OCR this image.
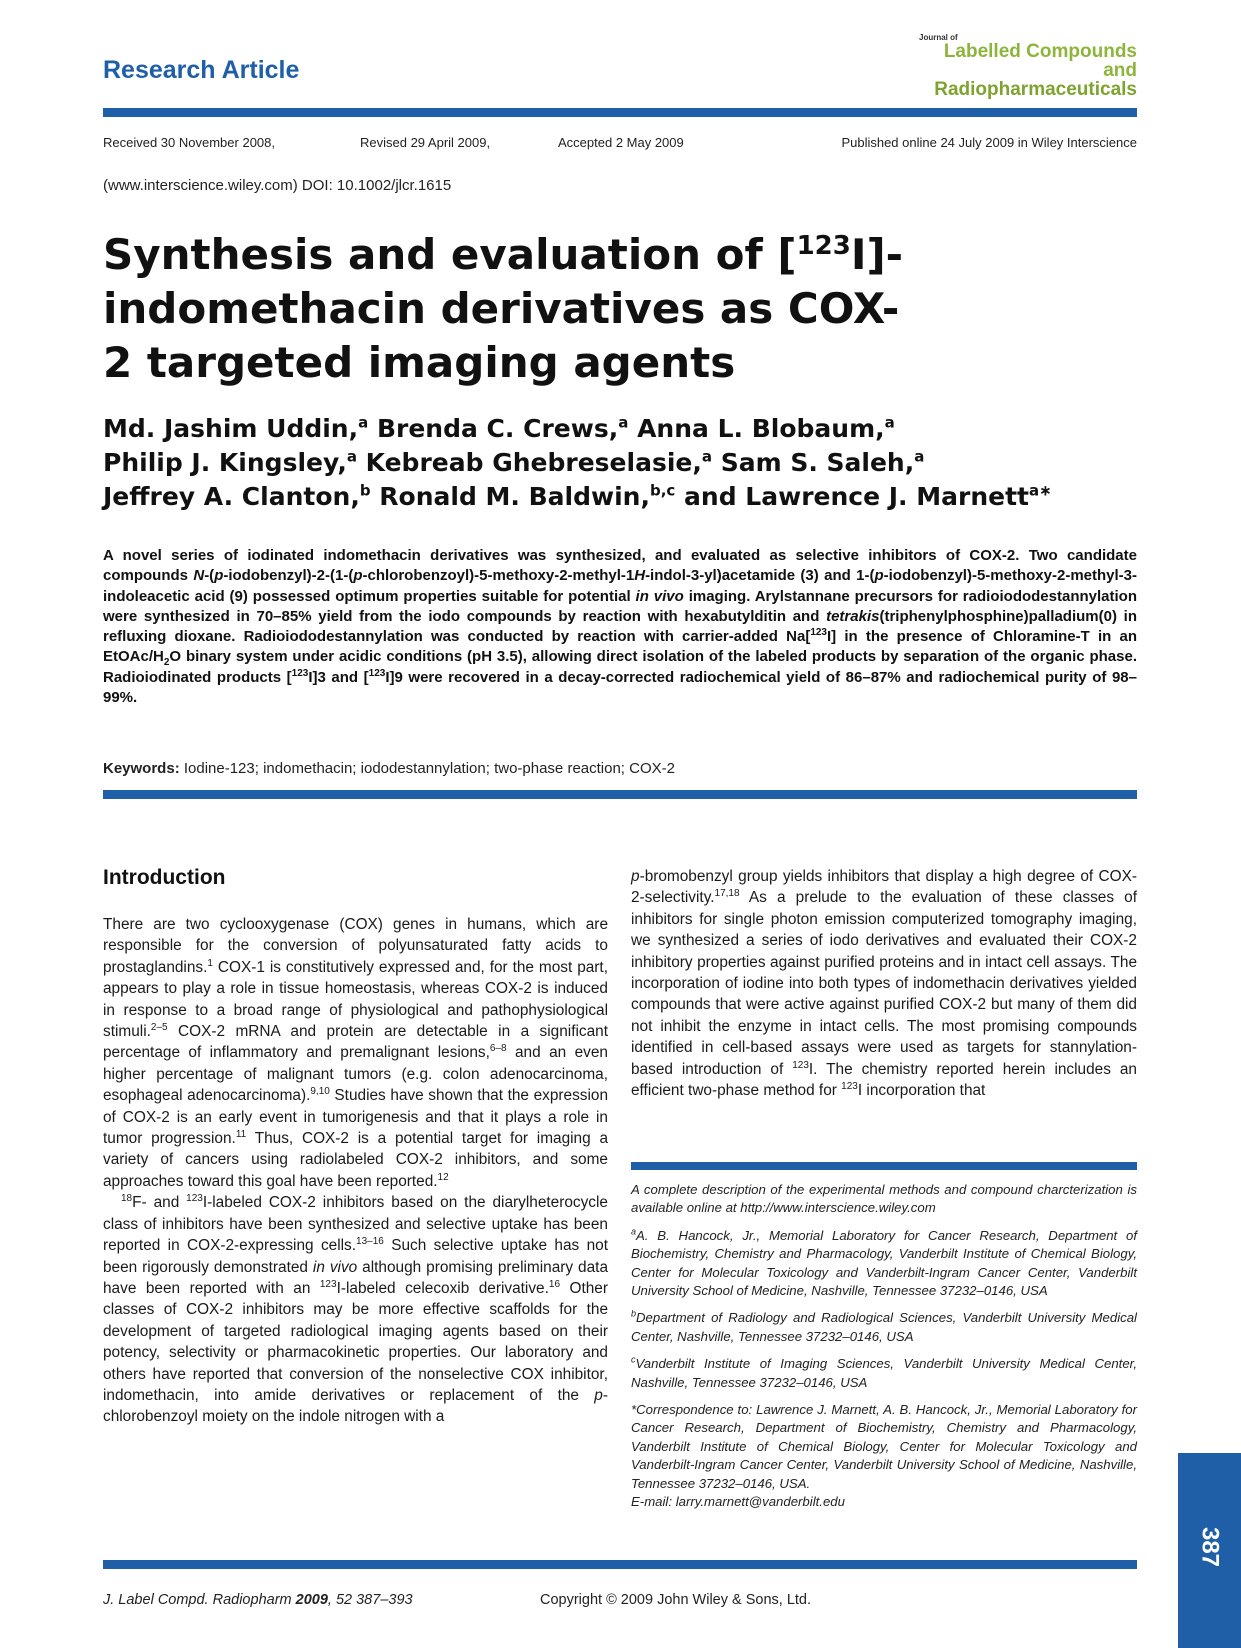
Research Article
Journal of
Labelled Compounds and
Radiopharmaceuticals
Received 30 November 2008,	Revised 29 April 2009,	Accepted 2 May 2009	Published online 24 July 2009 in Wiley Interscience
(www.interscience.wiley.com) DOI: 10.1002/jlcr.1615
Synthesis and evaluation of [$^{123}$I]-indomethacin derivatives as COX-2 targeted imaging agents
Md. Jashim Uddin,$^a$ Brenda C. Crews,$^a$ Anna L. Blobaum,$^a$
Philip J. Kingsley,$^a$ Kebreab Ghebreselasie,$^a$ Sam S. Saleh,$^a$
Jeffrey A. Clanton,$^b$ Ronald M. Baldwin,$^{b,c}$ and Lawrence J. Marnett$^{a∗}$
A novel series of iodinated indomethacin derivatives was synthesized, and evaluated as selective inhibitors of COX-2. Two candidate compounds N-(p-iodobenzyl)-2-(1-(p-chlorobenzoyl)-5-methoxy-2-methyl-1H-indol-3-yl)acetamide (3) and 1-(p-iodobenzyl)-5-methoxy-2-methyl-3-indoleacetic acid (9) possessed optimum properties suitable for potential in vivo imaging. Arylstannane precursors for radioiododestannylation were synthesized in 70–85% yield from the iodo compounds by reaction with hexabutylditin and tetrakis(triphenylphosphine)palladium(0) in refluxing dioxane. Radioiododestannylation was conducted by reaction with carrier-added Na[$^{123}$I] in the presence of Chloramine-T in an EtOAc/$H_2O$ binary system under acidic conditions (pH 3.5), allowing direct isolation of the labeled products by separation of the organic phase. Radioiodinated products [$^{123}$I]3 and [$^{123}$I]9 were recovered in a decay-corrected radiochemical yield of 86–87% and radiochemical purity of 98–99%.
Keywords: Iodine-123; indomethacin; iododestannylation; two-phase reaction; COX-2
Introduction

There are two cyclooxygenase (COX) genes in humans, which are responsible for the conversion of polyunsaturated fatty acids to prostaglandins.$^1$ COX-1 is constitutively expressed and, for the most part, appears to play a role in tissue homeostasis, whereas COX-2 is induced in response to a broad range of physiological and pathophysiological stimuli.$^{2-5}$ COX-2 mRNA and protein are detectable in a significant percentage of inflammatory and premalignant lesions,$^{6-8}$ and an even higher percentage of malignant tumors (e.g. colon adenocarcinoma, esophageal adenocarcinoma).$^{9,10}$ Studies have shown that the expression of COX-2 is an early event in tumorigenesis and that it plays a role in tumor progression.$^{11}$ Thus, COX-2 is a potential target for imaging a variety of cancers using radiolabeled COX-2 inhibitors, and some approaches toward this goal have been reported.$^{12}$

$^{18}$F- and $^{123}$I-labeled COX-2 inhibitors based on the diarylheterocycle class of inhibitors have been synthesized and selective uptake has been reported in COX-2-expressing cells.$^{13-16}$ Such selective uptake has not been rigorously demonstrated in vivo although promising preliminary data have been reported with an $^{123}$I-labeled celecoxib derivative.$^{16}$ Other classes of COX-2 inhibitors may be more effective scaffolds for the development of targeted radiological imaging agents based on their potency, selectivity or pharmacokinetic properties. Our laboratory and others have reported that conversion of the nonselective COX inhibitor, indomethacin, into amide derivatives or replacement of the p-chlorobenzoyl moiety on the indole nitrogen with a

p-bromobenzyl group yields inhibitors that display a high degree of COX-2-selectivity.$^{17,18}$ As a prelude to the evaluation of these classes of inhibitors for single photon emission computerized tomography imaging, we synthesized a series of iodo derivatives and evaluated their COX-2 inhibitory properties against purified proteins and in intact cell assays. The incorporation of iodine into both types of indomethacin derivatives yielded compounds that were active against purified COX-2 but many of them did not inhibit the enzyme in intact cells. The most promising compounds identified in cell-based assays were used as targets for stannylation-based introduction of $^{123}$I. The chemistry reported herein includes an efficient two-phase method for $^{123}$I incorporation that

A complete description of the experimental methods and compound charcterization is available online at http://www.interscience.wiley.com

$^a$A. B. Hancock, Jr., Memorial Laboratory for Cancer Research, Department of Biochemistry, Chemistry and Pharmacology, Vanderbilt Institute of Chemical Biology, Center for Molecular Toxicology and Vanderbilt-Ingram Cancer Center, Vanderbilt University School of Medicine, Nashville, Tennessee 37232–0146, USA

$^b$Department of Radiology and Radiological Sciences, Vanderbilt University Medical Center, Nashville, Tennessee 37232–0146, USA

$^c$Vanderbilt Institute of Imaging Sciences, Vanderbilt University Medical Center, Nashville, Tennessee 37232–0146, USA

*Correspondence to: Lawrence J. Marnett, A. B. Hancock, Jr., Memorial Laboratory for Cancer Research, Department of Biochemistry, Chemistry and Pharmacology, Vanderbilt Institute of Chemical Biology, Center for Molecular Toxicology and Vanderbilt-Ingram Cancer Center, Vanderbilt University School of Medicine, Nashville, Tennessee 37232–0146, USA.
E-mail: larry.marnett@vanderbilt.edu

387
J. Label Compd. Radiopharm 2009, 52 387–393	Copyright © 2009 John Wiley & Sons, Ltd.
